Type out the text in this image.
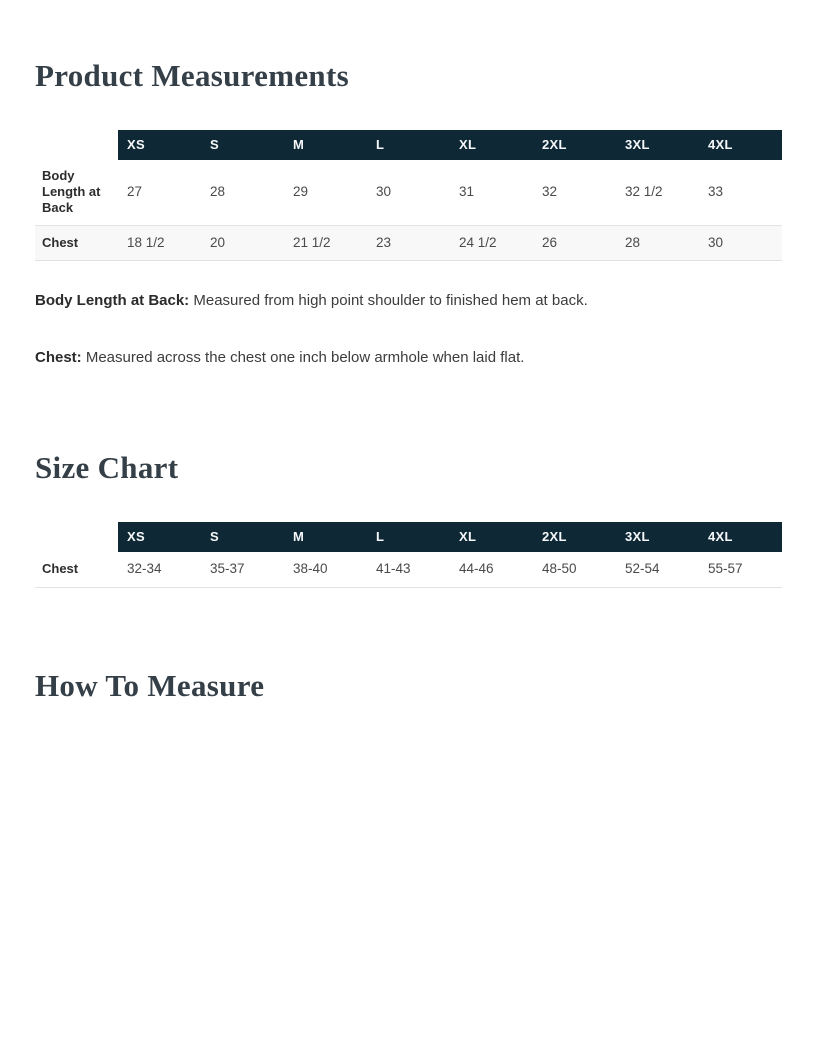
Product Measurements
	XS	S	M	L	XL	2XL	3XL	4XL
Body Length at Back	27	28	29	30	31	32	32 1/2	33
Chest	18 1/2	20	21 1/2	23	24 1/2	26	28	30

Body Length at Back: Measured from high point shoulder to finished hem at back.

Chest: Measured across the chest one inch below armhole when laid flat.

Size Chart
	XS	S	M	L	XL	2XL	3XL	4XL
Chest	32-34	35-37	38-40	41-43	44-46	48-50	52-54	55-57
How To Measure
